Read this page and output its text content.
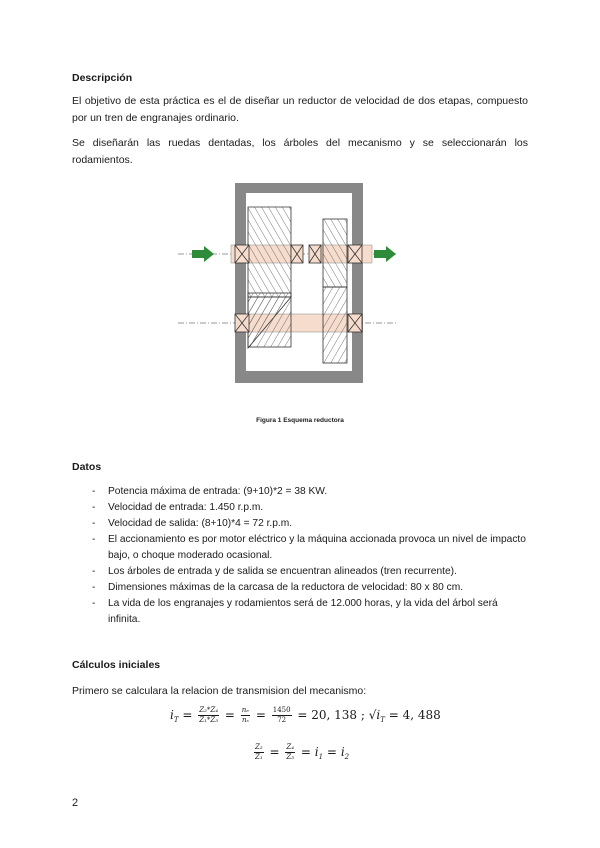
Descripción
El objetivo de esta práctica es el de diseñar un reductor de velocidad de dos etapas, compuesto por un tren de engranajes ordinario.
Se diseñarán las ruedas dentadas, los árboles del mecanismo y se seleccionarán los rodamientos.
Figura 1 Esquema reductora
Datos
- Potencia máxima de entrada: (9+10)*2 = 38 KW.
- Velocidad de entrada: 1.450 r.p.m.
- Velocidad de salida: (8+10)*4 = 72 r.p.m.
- El accionamiento es por motor eléctrico y la máquina accionada provoca un nivel de impacto bajo, o choque moderado ocasional.
- Los árboles de entrada y de salida se encuentran alineados (tren recurrente).
- Dimensiones máximas de la carcasa de la reductora de velocidad: 80 x 80 cm.
- La vida de los engranajes y rodamientos será de 12.000 horas, y la vida del árbol será infinita.
Cálculos iniciales
Primero se calculara la relacion de transmision del mecanismo:
$i_T = \frac{\text{Z₂*Z₄}}{\text{Z₁*Z₃}} = \frac{\text{nₑ}}{\text{nₛ}} = \frac{1450}{72} = 20$, 138 ; $√i_T = 4$, 488
$\frac{\text{Z₂}}{\text{Z₁}} = \frac{\text{Z₄}}{\text{Z₃}} = i_1 = i_2$
2
